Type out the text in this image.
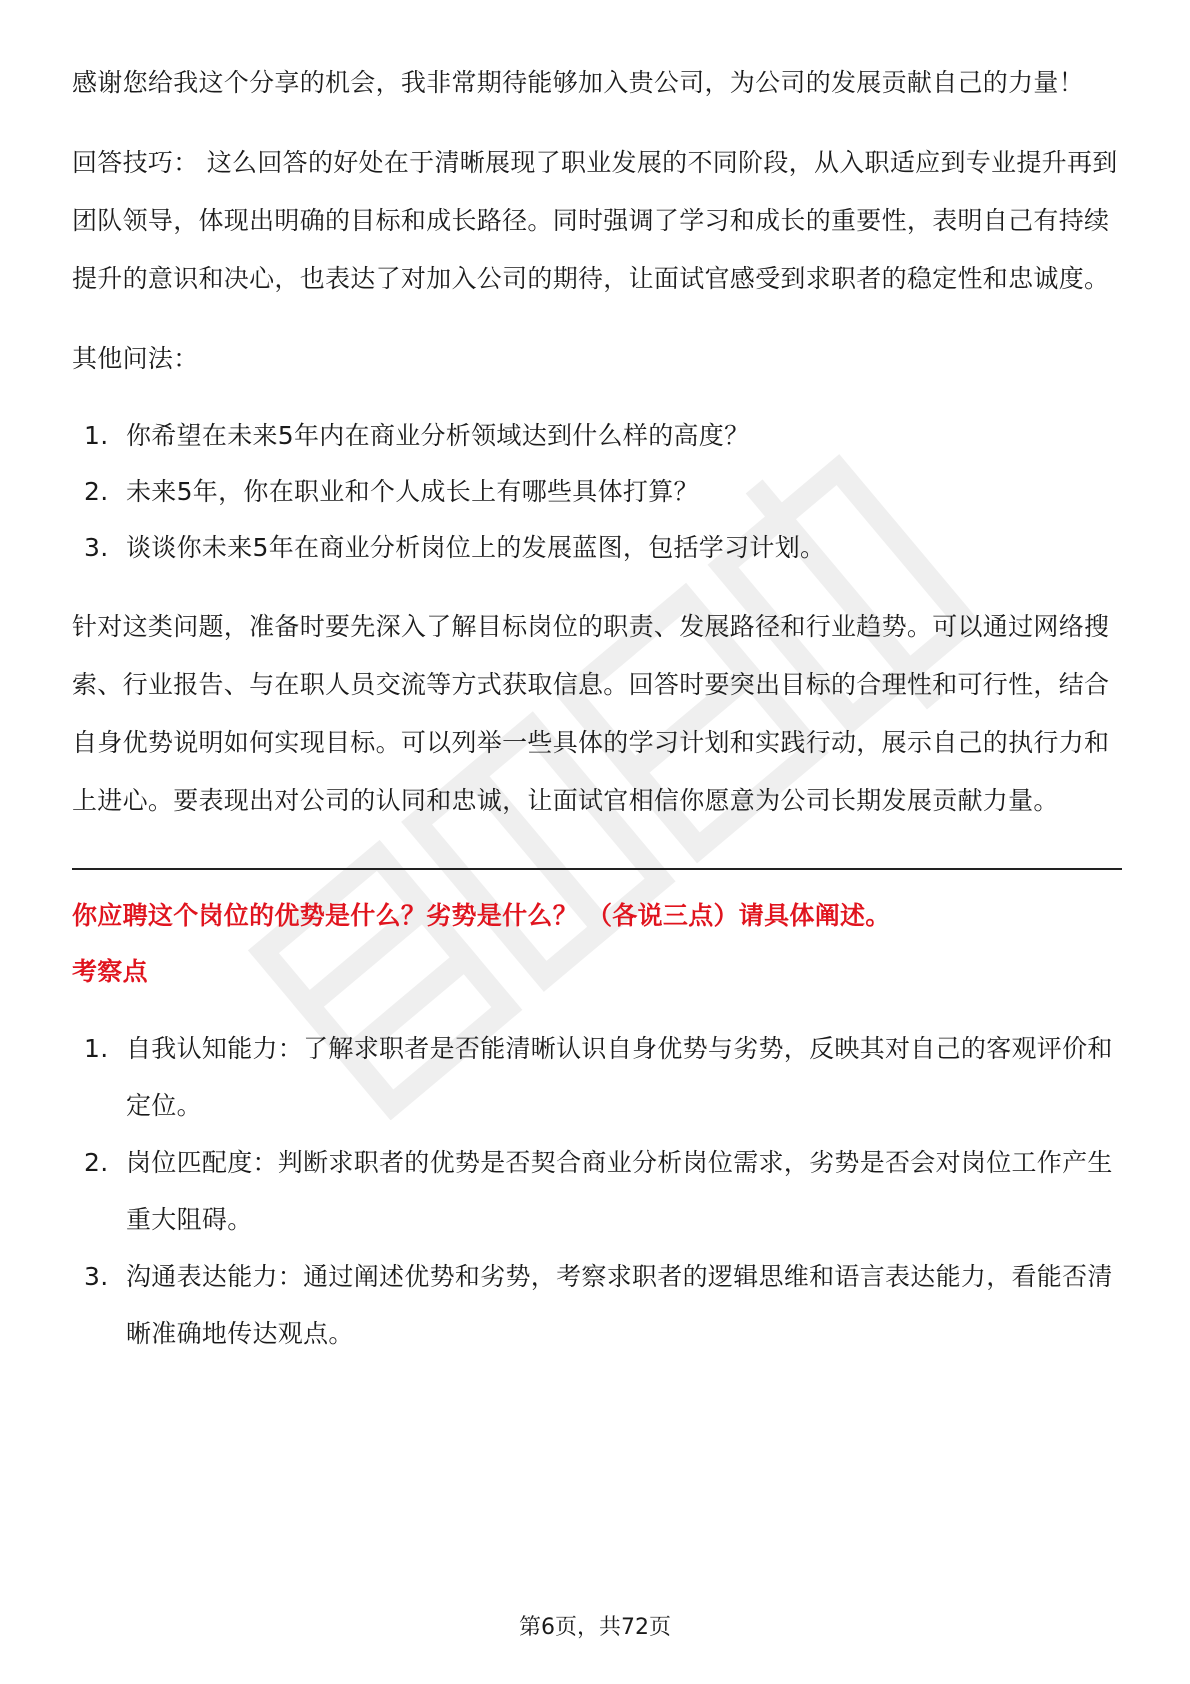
感谢您给我这个分享的机会，我非常期待能够加入贵公司，为公司的发展贡献自己的力量！

回答技巧： 这么回答的好处在于清晰展现了职业发展的不同阶段，从入职适应到专业提升再到团队领导，体现出明确的目标和成长路径。同时强调了学习和成长的重要性，表明自己有持续提升的意识和决心，也表达了对加入公司的期待，让面试官感受到求职者的稳定性和忠诚度。

其他问法：

1. 你希望在未来5年内在商业分析领域达到什么样的高度？
2. 未来5年，你在职业和个人成长上有哪些具体打算？
3. 谈谈你未来5年在商业分析岗位上的发展蓝图，包括学习计划。

针对这类问题，准备时要先深入了解目标岗位的职责、发展路径和行业趋势。可以通过网络搜索、行业报告、与在职人员交流等方式获取信息。回答时要突出目标的合理性和可行性，结合自身优势说明如何实现目标。可以列举一些具体的学习计划和实践行动，展示自己的执行力和上进心。要表现出对公司的认同和忠诚，让面试官相信你愿意为公司长期发展贡献力量。

你应聘这个岗位的优势是什么？劣势是什么？ （各说三点）请具体阐述。

考察点

1. 自我认知能力：了解求职者是否能清晰认识自身优势与劣势，反映其对自己的客观评价和定位。
2. 岗位匹配度：判断求职者的优势是否契合商业分析岗位需求，劣势是否会对岗位工作产生重大阻碍。
3. 沟通表达能力：通过阐述优势和劣势，考察求职者的逻辑思维和语言表达能力，看能否清晰准确地传达观点。
第6页，共72页
